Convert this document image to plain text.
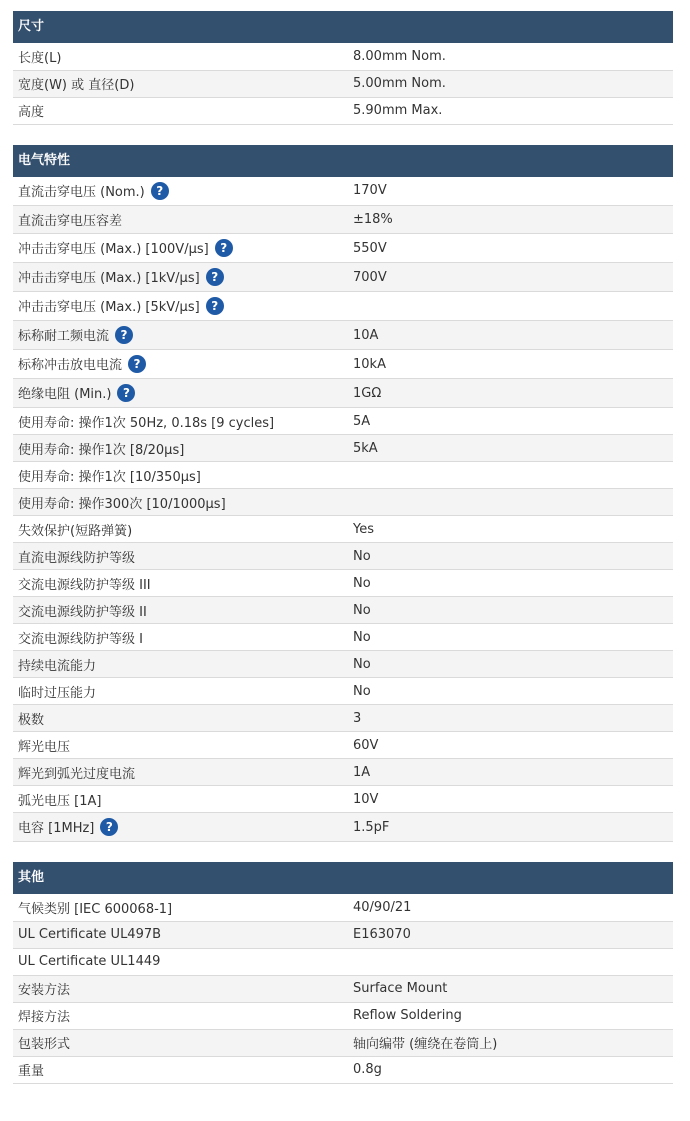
尺寸
长度(L)	8.00mm Nom.
宽度(W) 或 直径(D)	5.00mm Nom.
高度	5.90mm Max.
电气特性
直流击穿电压 (Nom.) ?	170V
直流击穿电压容差	±18%
冲击击穿电压 (Max.) [100V/µs] ?	550V
冲击击穿电压 (Max.) [1kV/µs] ?	700V
冲击击穿电压 (Max.) [5kV/µs] ?	
标称耐工频电流 ?	10A
标称冲击放电电流 ?	10kA
绝缘电阻 (Min.) ?	1GΩ
使用寿命: 操作1次 50Hz, 0.18s [9 cycles]	5A
使用寿命: 操作1次 [8/20µs]	5kA
使用寿命: 操作1次 [10/350µs]	
使用寿命: 操作300次 [10/1000µs]	
失效保护(短路弹簧)	Yes
直流电源线防护等级	No
交流电源线防护等级 III	No
交流电源线防护等级 II	No
交流电源线防护等级 I	No
持续电流能力	No
临时过压能力	No
极数	3
辉光电压	60V
辉光到弧光过度电流	1A
弧光电压 [1A]	10V
电容 [1MHz] ?	1.5pF
其他
气候类别 [IEC 600068-1]	40/90/21
UL Certificate UL497B	E163070
UL Certificate UL1449	
安装方法	Surface Mount
焊接方法	Reflow Soldering
包装形式	轴向编带 (缠绕在卷筒上)
重量	0.8g
